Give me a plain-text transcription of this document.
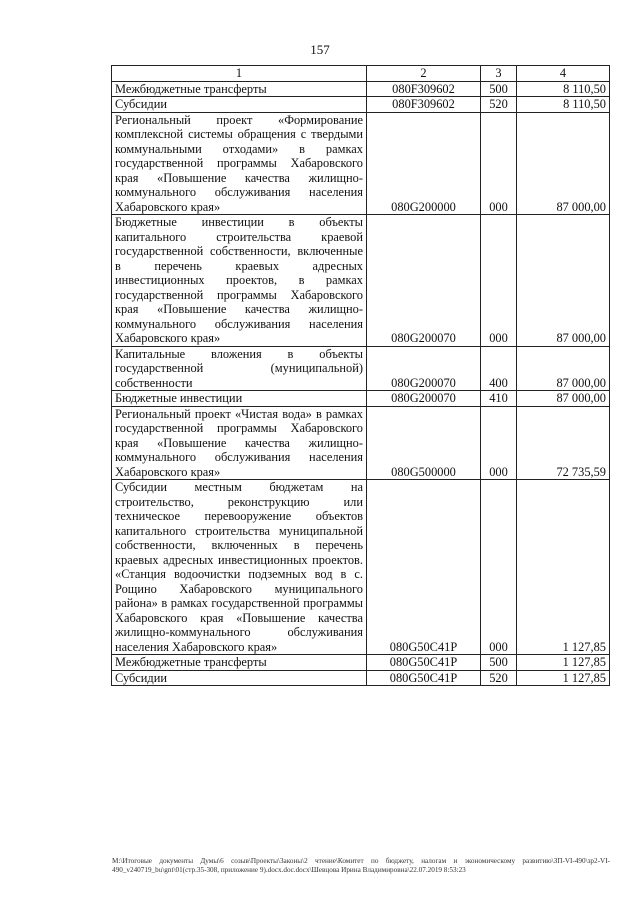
157
1	2	3	4
Межбюджетные трансферты	080F309602	500	8 110,50
Субсидии	080F309602	520	8 110,50
Региональный проект «Формирование комплексной системы обращения с твердыми коммунальными отходами» в рамках государственной программы Хабаровского края «Повышение качества жилищно-коммунального обслуживания населения Хабаровского края»	080G200000	000	87 000,00
Бюджетные инвестиции в объекты капитального строительства краевой государственной собственности, включенные в перечень краевых адресных инвестиционных проектов, в рамках государственной программы Хабаровского края «Повышение качества жилищно-коммунального обслуживания населения Хабаровского края»	080G200070	000	87 000,00
Капитальные вложения в объекты государственной (муниципальной) собственности	080G200070	400	87 000,00
Бюджетные инвестиции	080G200070	410	87 000,00
Региональный проект «Чистая вода» в рамках государственной программы Хабаровского края «Повышение качества жилищно-коммунального обслуживания населения Хабаровского края»	080G500000	000	72 735,59
Субсидии местным бюджетам на строительство, реконструкцию или техническое перевооружение объектов капитального строительства муниципальной собственности, включенных в перечень краевых адресных инвестиционных проектов. «Станция водоочистки подземных вод в с. Рощино Хабаровского муниципального района» в рамках государственной программы Хабаровского края «Повышение качества жилищно-коммунального обслуживания населения Хабаровского края»	080G50C41P	000	1 127,85
Межбюджетные трансферты	080G50C41P	500	1 127,85
Субсидии	080G50C41P	520	1 127,85
M:\Итоговые документы Думы\6 созыв\Проекты\Законы\2 чтение\Комитет по бюджету, налогам и экономическому развитию\ЗП-VI-490\зр2-VI-490_v240719_bu\gnt\01(стр.35-308, приложение 9).docx.doc.docx\Шевцова Ирина Владимировна\22.07.2019 8:53:23
